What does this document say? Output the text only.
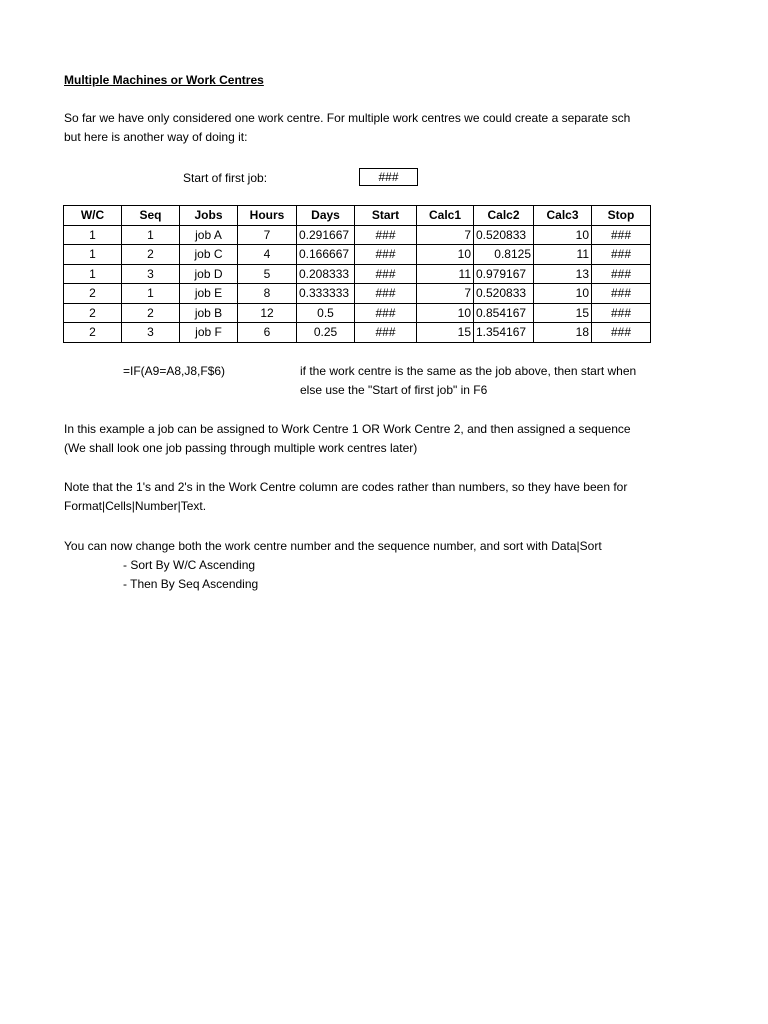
Multiple Machines or Work Centres
So far we have only considered one work centre. For multiple work centres we could create a separate sch
but here is another way of doing it:
Start of first job:	###
W/C	Seq	Jobs	Hours	Days	Start	Calc1	Calc2	Calc3	Stop
1	1	job A	7	0.291667	###	7	0.520833	10	###
1	2	job C	4	0.166667	###	10	0.8125	11	###
1	3	job D	5	0.208333	###	11	0.979167	13	###
2	1	job E	8	0.333333	###	7	0.520833	10	###
2	2	job B	12	0.5	###	10	0.854167	15	###
2	3	job F	6	0.25	###	15	1.354167	18	###
=IF(A9=A8,J8,F$6)	if the work centre is the same as the job above, then start when
else use the "Start of first job" in F6
In this example a job can be assigned to Work Centre 1 OR Work Centre 2, and then assigned a sequence
(We shall look one job passing through multiple work centres later)
Note that the 1's and 2's in the Work Centre column are codes rather than numbers, so they have been for
Format|Cells|Number|Text.
You can now change both the work centre number and the sequence number, and sort with Data|Sort
- Sort By W/C Ascending
- Then By Seq Ascending
